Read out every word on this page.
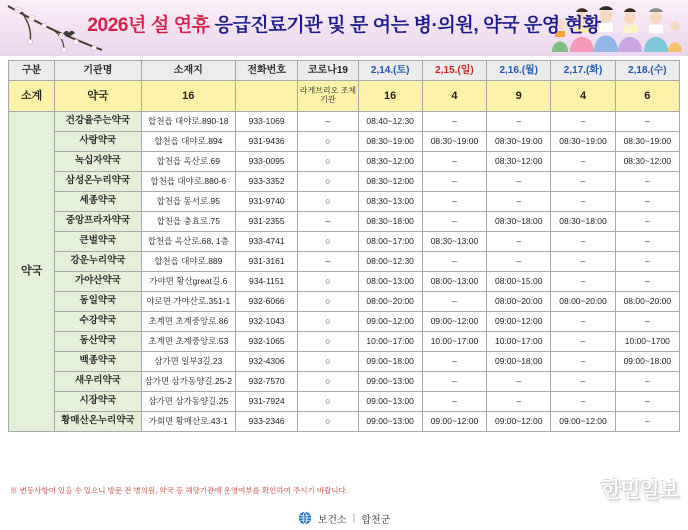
2026년 설 연휴 응급진료기관 및 문 여는 병·의원, 약국 운영 현황
구분	기관명	소재지	전화번호	코로나19	2,14.(토)	2,15.(일)	2,16.(월)	2,17.(화)	2,18.(수)
소계	약국	16		라게브리오 조체기관	16	4	9	4	6
약국	건강율주는약국	합천읍 대야로.890-18	933-1069	–	08:40~12:30	–	–	–	–
	사랑약국	합천읍 대야로.894	931-9436	○	08:30~19:00	08:30~19:00	08:30~19:00	08:30~19:00	08:30~19:00
	녹십자약국	합천읍 옥산로.69	933-0095	○	08:30~12:00	–	08:30~12:00	–	08:30~12:00
	삼성온누리약국	합천읍 대야로.880-6	933-3352	○	08:30~12:00	–	–	–	–
	세종약국	합천읍 동서로.95	931-9740	○	08:30~13:00	–	–	–	–
	중앙프라자약국	합천읍 충효로.75	931-2355	–	08:30~18:00	–	08:30~18:00	08:30~18:00	–
	큰벌약국	합천읍 옥산로.68, 1층	933-4741	○	08:00~17:00	08:30~13:00	–	–	–
	강운누리약국	합천읍 대야로.889	931-3161	–	08:00~12:30	–	–	–	–
	가야산약국	가야면 황산great길.6	934-1151	○	08:00~13:00	08:00~13:00	08:00~15:00	–	–
	동일약국	야로면 가야산로.351-1	932-6066	○	08:00~20:00	–	08:00~20:00	08:00~20:00	08:00~20:00
	수강약국	초계면 초계중앙로.86	932-1043	○	09:00~12:00	09:00~12:00	09:00~12:00	–	–
	동산약국	초계면 초계중앙로.53	932-1065	○	10:00~17:00	10:00~17:00	10:00~17:00	–	10:00~1700
	백종약국	삼가면 일부3길.23	932-4306	○	09:00~18:00	–	09:00~18:00	–	09:00~18:00
	새우리약국	삼가면 삼가동양길.25-2	932-7570	○	09:00~13:00	–	–	–	–
	시장약국	삼가면 삼가동양길.25	931-7924	○	09:00~13:00	–	–	–	–
	황매산온누리약국	가회면 황매산로.43-1	933-2346	○	09:00~13:00	09:00~12:00	09:00~12:00	09:00~12:00	–
※ 변동사항이 있을 수 있으니 방문 전 병의원, 약국 등 해당기관에 운영여부를 확인하여 주시기 바랍니다.	한민일보
보건소 | 합천군
